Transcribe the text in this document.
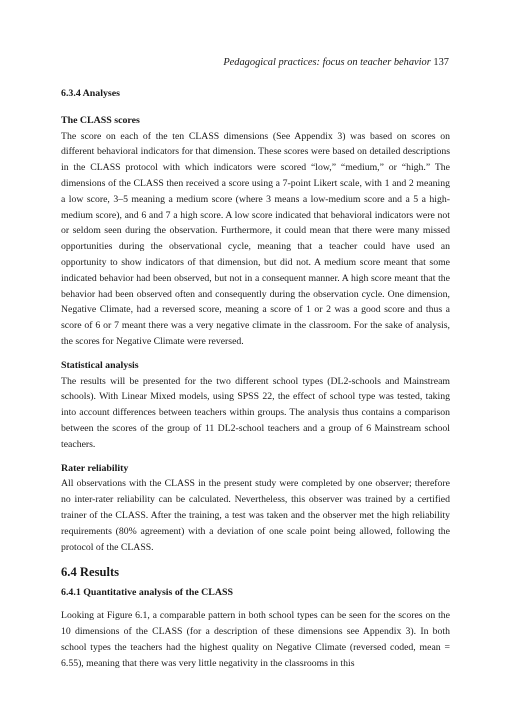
Pedagogical practices: focus on teacher behavior 137
6.3.4 Analyses
The CLASS scores

The score on each of the ten CLASS dimensions (See Appendix 3) was based on scores on different behavioral indicators for that dimension. These scores were based on detailed descriptions in the CLASS protocol with which indicators were scored “low,” “medium,” or “high.” The dimensions of the CLASS then received a score using a 7-point Likert scale, with 1 and 2 meaning a low score, 3–5 meaning a medium score (where 3 means a low-medium score and a 5 a high-medium score), and 6 and 7 a high score. A low score indicated that behavioral indicators were not or seldom seen during the observation. Furthermore, it could mean that there were many missed opportunities during the observational cycle, meaning that a teacher could have used an opportunity to show indicators of that dimension, but did not. A medium score meant that some indicated behavior had been observed, but not in a consequent manner. A high score meant that the behavior had been observed often and consequently during the observation cycle. One dimension, Negative Climate, had a reversed score, meaning a score of 1 or 2 was a good score and thus a score of 6 or 7 meant there was a very negative climate in the classroom. For the sake of analysis, the scores for Negative Climate were reversed.

Statistical analysis

The results will be presented for the two different school types (DL2-schools and Mainstream schools). With Linear Mixed models, using SPSS 22, the effect of school type was tested, taking into account differences between teachers within groups. The analysis thus contains a comparison between the scores of the group of 11 DL2-school teachers and a group of 6 Mainstream school teachers.

Rater reliability

All observations with the CLASS in the present study were completed by one observer; therefore no inter-rater reliability can be calculated. Nevertheless, this observer was trained by a certified trainer of the CLASS. After the training, a test was taken and the observer met the high reliability requirements (80% agreement) with a deviation of one scale point being allowed, following the protocol of the CLASS.

6.4 Results
6.4.1 Quantitative analysis of the CLASS

Looking at Figure 6.1, a comparable pattern in both school types can be seen for the scores on the 10 dimensions of the CLASS (for a description of these dimensions see Appendix 3). In both school types the teachers had the highest quality on Negative Climate (reversed coded, mean = 6.55), meaning that there was very little negativity in the classrooms in this
